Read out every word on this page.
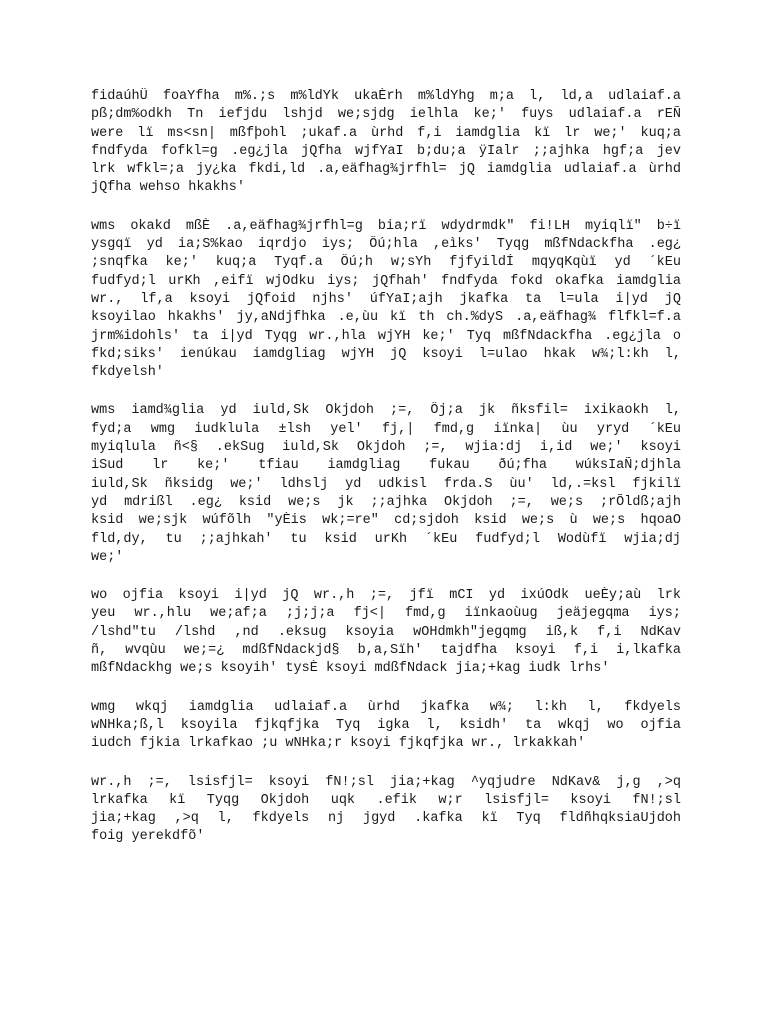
fidaúhÜ foaYfha m%.;s m%ldYk ukaÈrh m%ldYhg m;a l, ld,a udlaiaf.a
pß;dm%odkh Tn iefjdu lshjd we;sjdg ielhla ke;' fuys udlaiaf.a rEÑ
were lï ms<sn| mßfþohl ;ukaf.a ùrhd f,i iamdglia kï lr we;' kuq;a
fndfyda fofkl=g .eg¿jla jQfha wjfYaI b;du;a ÿIalr ;;ajhka hgf;a jev
lrk wfkl=;a jy¿ka fkdi,ld .a,eäfhag¾jrfhl= jQ iamdglia udlaiaf.a ùrhd
jQfha wehso hkakhs'

wms okakd mßÈ .a,eäfhag¾jrfhl=g bia;rï wdydrmdk" fi!LH myiqlï" b÷ï
ysgqï yd ia;S%kao iqrdjo iys; Ôú;hla ,eìks' Tyqg mßfNdackfha .eg¿
;snqfka ke;' kuq;a Tyqf.a Ôú;h w;sYh fjfyildÍ mqyqKqùï yd ´kEu
fudfyd;l urKh ,eifï wjOdku iys; jQfhah' fndfyda fokd okafka iamdglia
wr., lf,a ksoyi jQfoid njhs' úfYaI;ajh jkafka ta l=ula i|yd jQ
ksoyilao hkakhs' jy,aNdjfhka .e,ùu kï th ch.%dyS .a,eäfhag¾ flfkl=f.a
jrm%idohls' ta i|yd Tyqg wr.,hla wjYH ke;' Tyq mßfNdackfha .eg¿jla o
fkd;siks' ienúkau iamdgliag wjYH jQ ksoyi l=ulao hkak w¾;l:kh l,
fkdyelsh'

wms iamd¾glia yd iuld,Sk Okjdoh ;=, Ôj;a jk ñksfil= ixikaokh l,
fyd;a wmg iudklula ±lsh yel' fj,| fmd,g iïnka| ùu yryd ´kEu
myiqlula ñ<§ .ekSug iuld,Sk Okjdoh ;=, wjia:dj i,id we;' ksoyi
iSud lr ke;' tfiau iamdgliag fukau ðú;fha wúksIaÑ;djhla
iuld,Sk ñksidg we;' ldhslj yd udkisl frda.S ùu' ld,.=ksl fjkilï
yd mdrißl .eg¿ ksid we;s jk ;;ajhka Okjdoh ;=, we;s ;rÕldß;ajh
ksid we;sjk wúfõlh "yÈis wk;=re" cd;sjdoh ksid we;s ù we;s hqoaO
fld,dy, tu ;;ajhkah' tu ksid urKh ´kEu fudfyd;l Wodùfï wjia;dj
we;'

wo ojfia ksoyi i|yd jQ wr.,h ;=, jfï mCI yd ixúOdk ueÈy;aù lrk
yeu wr.,hlu we;af;a ;j;j;a fj<| fmd,g iïnkaoùug jeäjegqma iys;
/lshd"tu /lshd ,nd .eksug ksoyia wOHdmkh"jegqmg iß,k f,i NdKav
ñ, wvqùu we;=¿ mdßfNdackjd§ b,a,Sïh' tajdfha ksoyi f,i i,lkafka
mßfNdackhg we;s ksoyih' tysÈ ksoyi mdßfNdack jia;+kag iudk lrhs'

wmg wkqj iamdglia udlaiaf.a ùrhd jkafka w¾; l:kh l, fkdyels
wNHka;ß,l ksoyila fjkqfjka Tyq igka l, ksidh' ta wkqj wo ojfia
iudch fjkia lrkafkao ;u wNHka;r ksoyi fjkqfjka wr., lrkakkah'

wr.,h ;=, lsisfjl= ksoyi fN!;sl jia;+kag ^yqjudre NdKav& j,g ,>q
lrkafka kï Tyqg Okjdoh uqk .efik w;r lsisfjl= ksoyi fN!;sl
jia;+kag ,>q l, fkdyels nj jgyd .kafka kï Tyq fldñhqksiaUjdoh
foig yerekdfõ'
